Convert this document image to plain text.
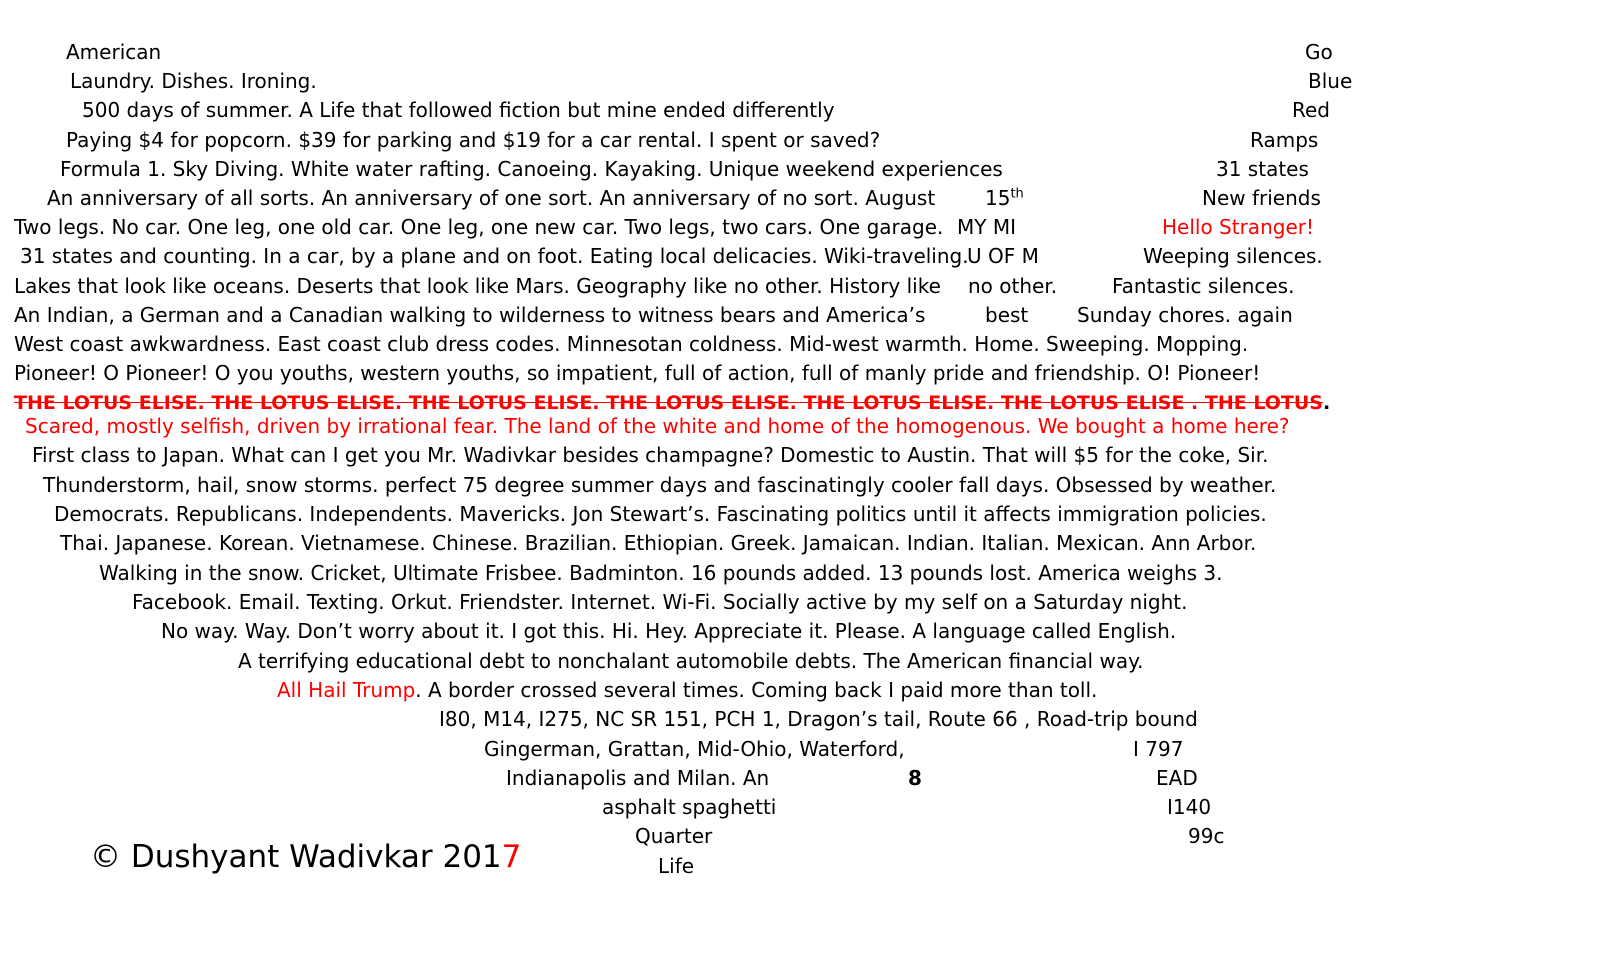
American
Laundry. Dishes. Ironing.
500 days of summer. A Life that followed fiction but mine ended differently
Paying $4 for popcorn. $39 for parking and $19 for a car rental. I spent or saved?
Formula 1. Sky Diving. White water rafting. Canoeing. Kayaking. Unique weekend experiences
An anniversary of all sorts. An anniversary of one sort. An anniversary of no sort. August
Two legs. No car. One leg, one old car. One leg, one new car. Two legs, two cars. One garage.
31 states and counting. In a car, by a plane and on foot. Eating local delicacies. Wiki-traveling.
Lakes that look like oceans. Deserts that look like Mars. Geography like no other. History like
An Indian, a German and a Canadian walking to wilderness to witness bears and America’s
West coast awkwardness. East coast club dress codes. Minnesotan coldness. Mid-west warmth. Home. Sweeping. Mopping.
Pioneer! O Pioneer! O you youths, western youths, so impatient, full of action, full of manly pride and friendship. O! Pioneer!
THE LOTUS ELISE. THE LOTUS ELISE. THE LOTUS ELISE. THE LOTUS ELISE. THE LOTUS ELISE. THE LOTUS ELISE . THE LOTUS.
Scared, mostly selfish, driven by irrational fear. The land of the white and home of the homogenous. We bought a home here?
First class to Japan. What can I get you Mr. Wadivkar besides champagne? Domestic to Austin. That will $5 for the coke, Sir.
Thunderstorm, hail, snow storms. perfect 75 degree summer days and fascinatingly cooler fall days. Obsessed by weather.
Democrats. Republicans. Independents. Mavericks. Jon Stewart’s. Fascinating politics until it affects immigration policies.
Thai. Japanese. Korean. Vietnamese. Chinese. Brazilian. Ethiopian. Greek. Jamaican. Indian. Italian. Mexican. Ann Arbor.
Walking in the snow. Cricket, Ultimate Frisbee. Badminton. 16 pounds added. 13 pounds lost. America weighs 3.
Facebook. Email. Texting. Orkut. Friendster. Internet. Wi-Fi. Socially active by my self on a Saturday night.
No way. Way. Don’t worry about it. I got this. Hi. Hey. Appreciate it. Please. A language called English.
A terrifying educational debt to nonchalant automobile debts. The American financial way.
All Hail Trump. A border crossed several times. Coming back I paid more than toll.
I80, M14, I275, NC SR 151, PCH 1, Dragon’s tail, Route 66 , Road-trip bound
Gingerman, Grattan, Mid-Ohio, Waterford,
Indianapolis and Milan. An
asphalt spaghetti
Quarter
Life
15th
MY MI
U OF M
no other.
best
8
Go
Blue
Red
Ramps
31 states
New friends
Hello Stranger!
Weeping silences.
Fantastic silences.
Sunday chores. again
I 797
EAD
I140
99c
© Dushyant Wadivkar 2017
